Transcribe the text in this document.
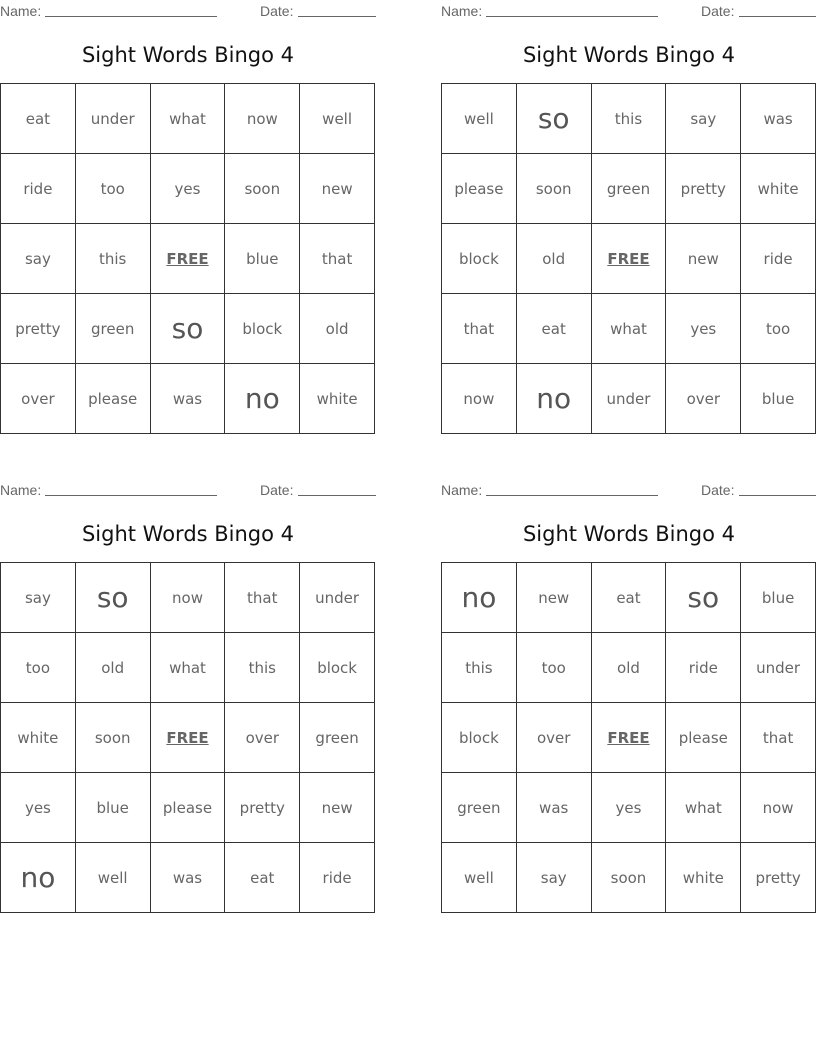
Name:	Date:
Sight Words Bingo 4
eat	under	what	now	well
ride	too	yes	soon	new
say	this	FREE	blue	that
pretty	green	so	block	old
over	please	was	no	white
Name:	Date:
Sight Words Bingo 4
well	so	this	say	was
please	soon	green	pretty	white
block	old	FREE	new	ride
that	eat	what	yes	too
now	no	under	over	blue
Name:	Date:
Sight Words Bingo 4
say	so	now	that	under
too	old	what	this	block
white	soon	FREE	over	green
yes	blue	please	pretty	new
no	well	was	eat	ride
Name:	Date:
Sight Words Bingo 4
no	new	eat	so	blue
this	too	old	ride	under
block	over	FREE	please	that
green	was	yes	what	now
well	say	soon	white	pretty
